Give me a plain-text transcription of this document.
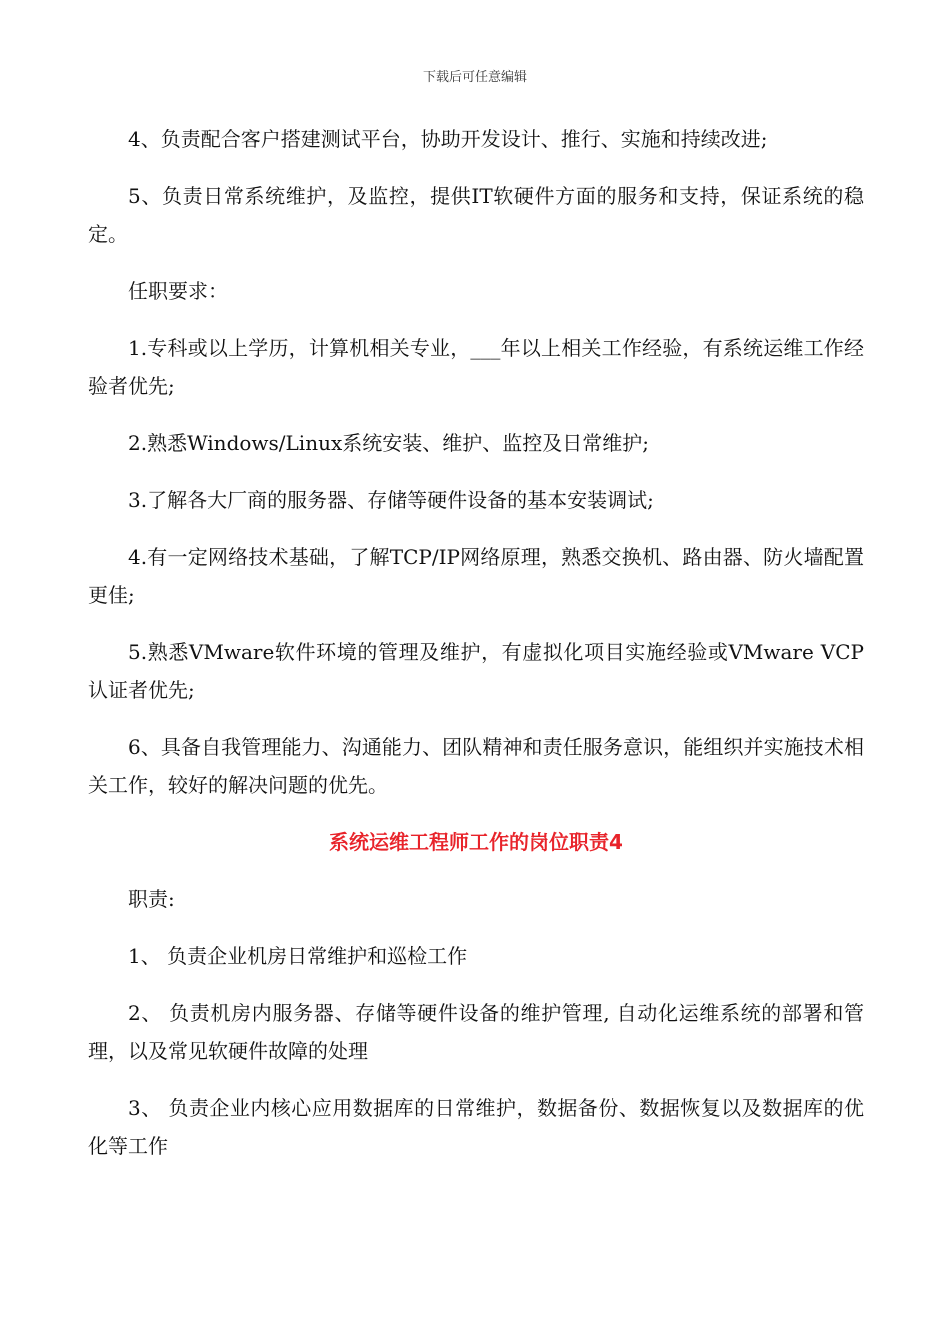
下载后可任意编辑

4、负责配合客户搭建测试平台，协助开发设计、推行、实施和持续改进;

5、负责日常系统维护，及监控，提供IT软硬件方面的服务和支持，保证系统的稳定。

任职要求：

1.专科或以上学历，计算机相关专业，___年以上相关工作经验，有系统运维工作经验者优先;

2.熟悉Windows/Linux系统安装、维护、监控及日常维护;

3.了解各大厂商的服务器、存储等硬件设备的基本安装调试;

4.有一定网络技术基础，了解TCP/IP网络原理，熟悉交换机、路由器、防火墙配置更佳;

5.熟悉VMware软件环境的管理及维护，有虚拟化项目实施经验或VMware VCP认证者优先;

6、具备自我管理能力、沟通能力、团队精神和责任服务意识，能组织并实施技术相关工作，较好的解决问题的优先。

系统运维工程师工作的岗位职责4

职责:

1、 负责企业机房日常维护和巡检工作

2、 负责机房内服务器、存储等硬件设备的维护管理, 自动化运维系统的部署和管理，以及常见软硬件故障的处理

3、 负责企业内核心应用数据库的日常维护，数据备份、数据恢复以及数据库的优化等工作
